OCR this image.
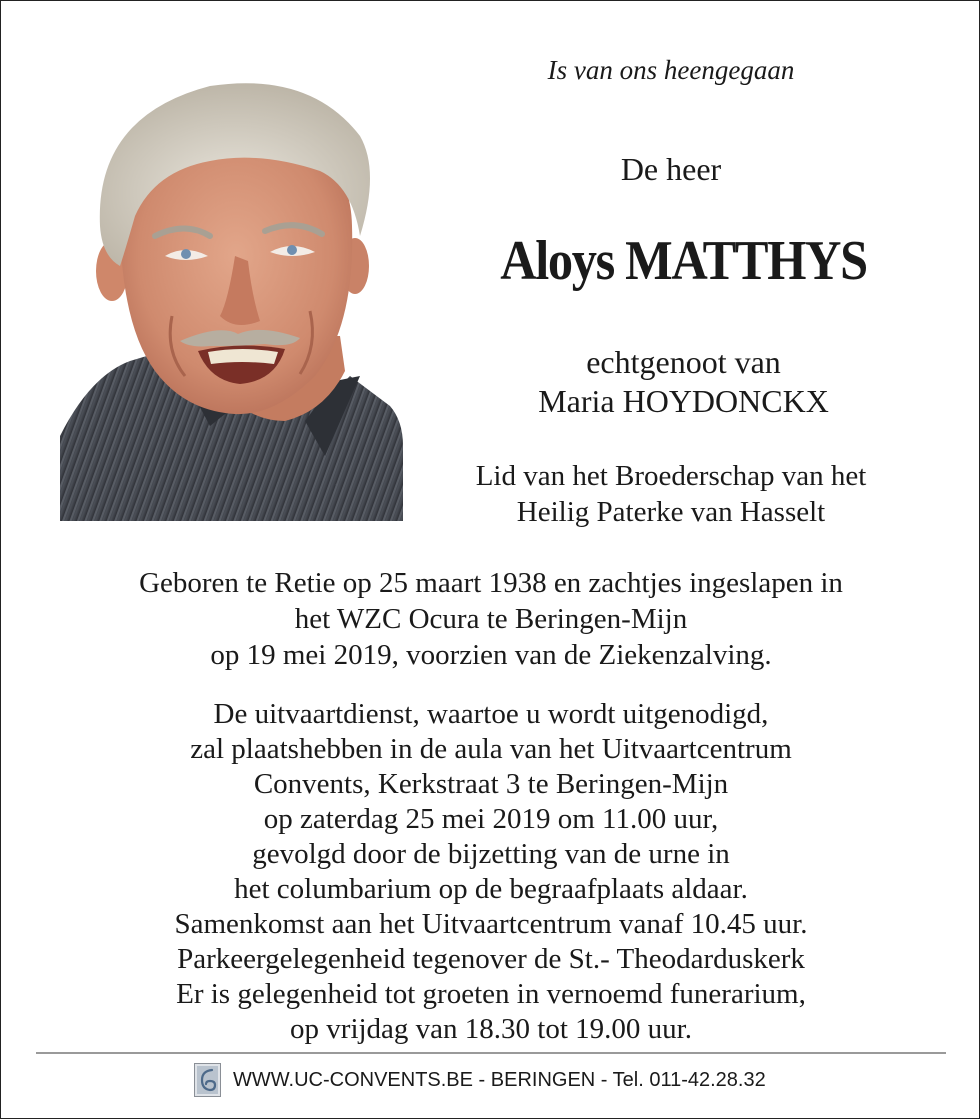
Is van ons heengegaan
De heer
Aloys MATTHYS
echtgenoot van
Maria HOYDONCKX
Lid van het Broederschap van het
Heilig Paterke van Hasselt
Geboren te Retie op 25 maart 1938 en zachtjes ingeslapen in
het WZC Ocura te Beringen-Mijn
op 19 mei 2019, voorzien van de Ziekenzalving.
De uitvaartdienst, waartoe u wordt uitgenodigd,
zal plaatshebben in de aula van het Uitvaartcentrum
Convents, Kerkstraat 3 te Beringen-Mijn
op zaterdag 25 mei 2019 om 11.00 uur,
gevolgd door de bijzetting van de urne in
het columbarium op de begraafplaats aldaar.
Samenkomst aan het Uitvaartcentrum vanaf 10.45 uur.
Parkeergelegenheid tegenover de St.- Theodarduskerk
Er is gelegenheid tot groeten in vernoemd funerarium,
op vrijdag van 18.30 tot 19.00 uur.
WWW.UC-CONVENTS.BE - BERINGEN - Tel. 011-42.28.32
